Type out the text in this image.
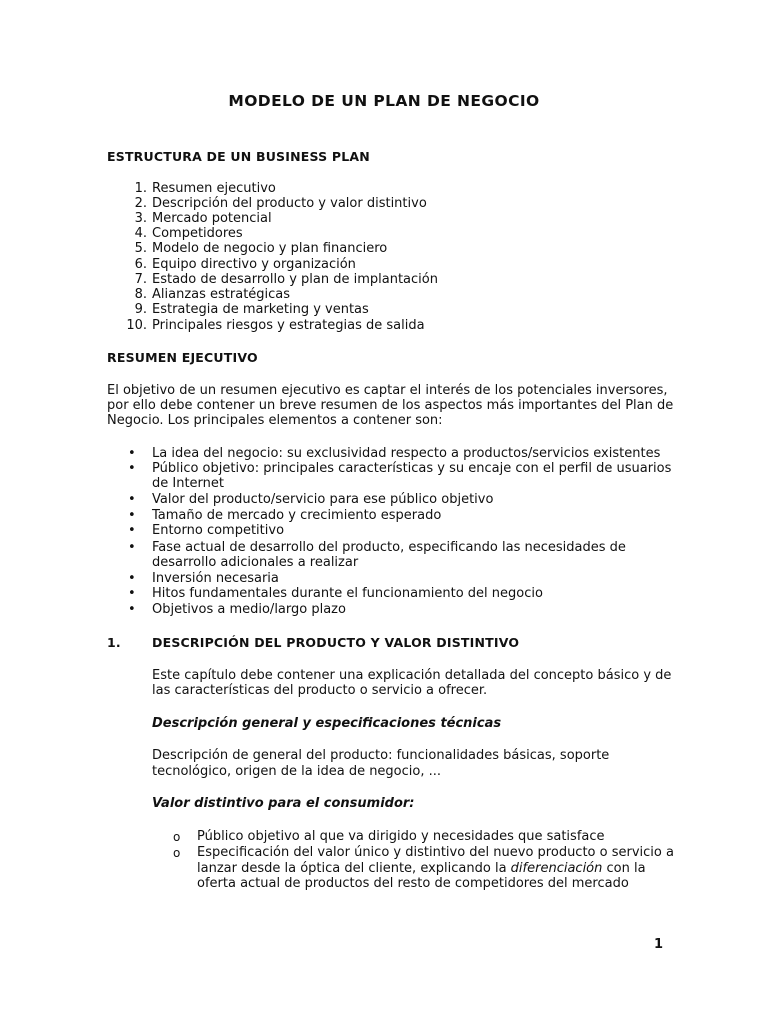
MODELO DE UN PLAN DE NEGOCIO
ESTRUCTURA DE UN BUSINESS PLAN
1. Resumen ejecutivo
2. Descripción del producto y valor distintivo
3. Mercado potencial
4. Competidores
5. Modelo de negocio y plan financiero
6. Equipo directivo y organización
7. Estado de desarrollo y plan de implantación
8. Alianzas estratégicas
9. Estrategia de marketing y ventas
10. Principales riesgos y estrategias de salida
RESUMEN EJECUTIVO
El objetivo de un resumen ejecutivo es captar el interés de los potenciales inversores,
por ello debe contener un breve resumen de los aspectos más importantes del Plan de
Negocio. Los principales elementos a contener son:
• La idea del negocio: su exclusividad respecto a productos/servicios existentes
• Público objetivo: principales características y su encaje con el perfil de usuarios
de Internet
• Valor del producto/servicio para ese público objetivo
• Tamaño de mercado y crecimiento esperado
• Entorno competitivo
• Fase actual de desarrollo del producto, especificando las necesidades de
desarrollo adicionales a realizar
• Inversión necesaria
• Hitos fundamentales durante el funcionamiento del negocio
• Objetivos a medio/largo plazo
1.	DESCRIPCIÓN DEL PRODUCTO Y VALOR DISTINTIVO
Este capítulo debe contener una explicación detallada del concepto básico y de
las características del producto o servicio a ofrecer.
Descripción general y especificaciones técnicas
Descripción de general del producto: funcionalidades básicas, soporte
tecnológico, origen de la idea de negocio, ...
Valor distintivo para el consumidor:
o Público objetivo al que va dirigido y necesidades que satisface
o Especificación del valor único y distintivo del nuevo producto o servicio a
lanzar desde la óptica del cliente, explicando la diferenciación con la
oferta actual de productos del resto de competidores del mercado
1
